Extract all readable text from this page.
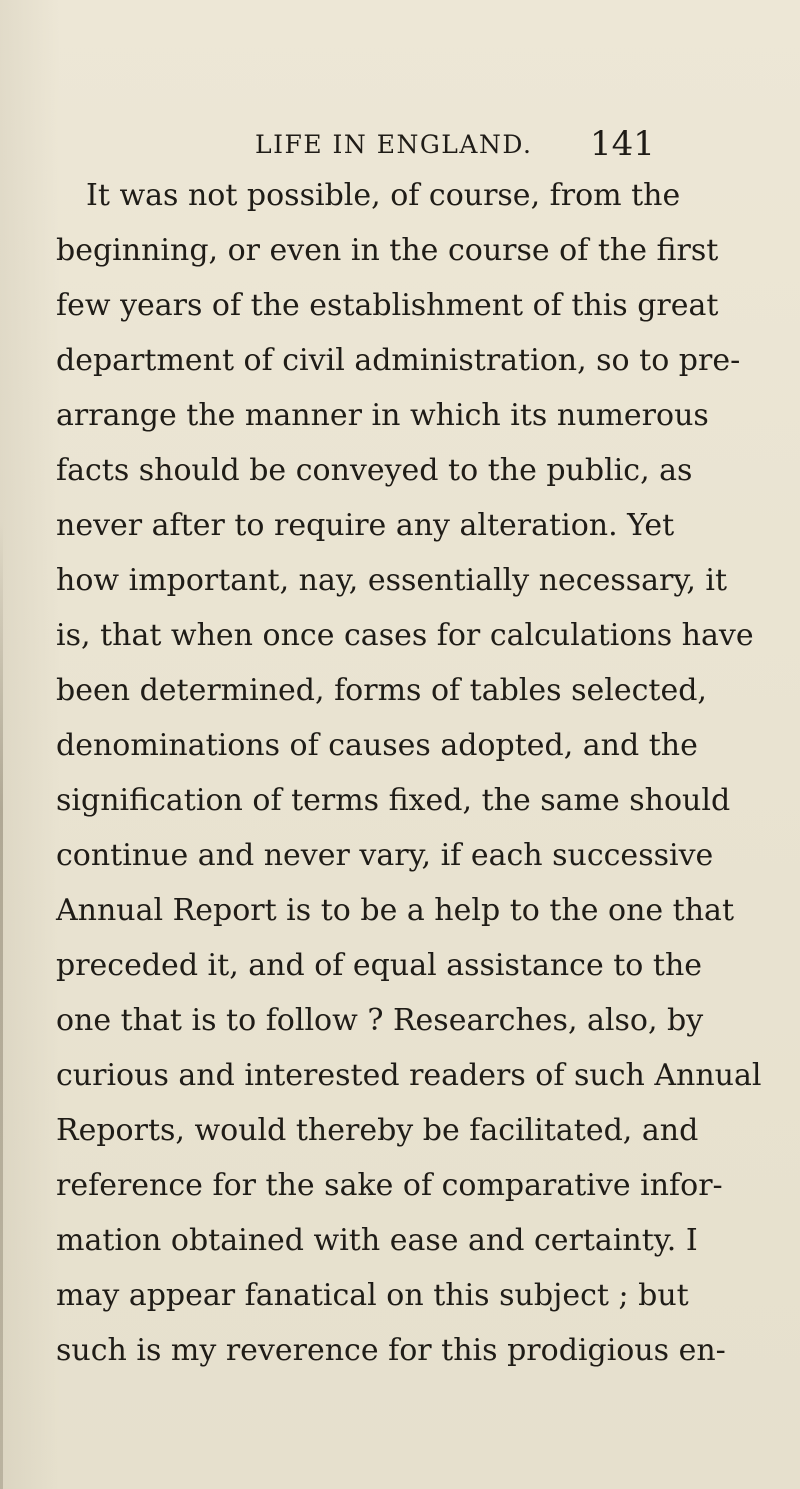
LIFE IN ENGLAND. 141
It was not possible, of course, from the
beginning, or even in the course of the first
few years of the establishment of this great
department of civil administration, so to pre-
arrange the manner in which its numerous
facts should be conveyed to the public, as
never after to require any alteration. Yet
how important, nay, essentially necessary, it
is, that when once cases for calculations have
been determined, forms of tables selected,
denominations of causes adopted, and the
signification of terms fixed, the same should
continue and never vary, if each successive
Annual Report is to be a help to the one that
preceded it, and of equal assistance to the
one that is to follow ? Researches, also, by
curious and interested readers of such Annual
Reports, would thereby be facilitated, and
reference for the sake of comparative infor-
mation obtained with ease and certainty. I
may appear fanatical on this subject ; but
such is my reverence for this prodigious en-
